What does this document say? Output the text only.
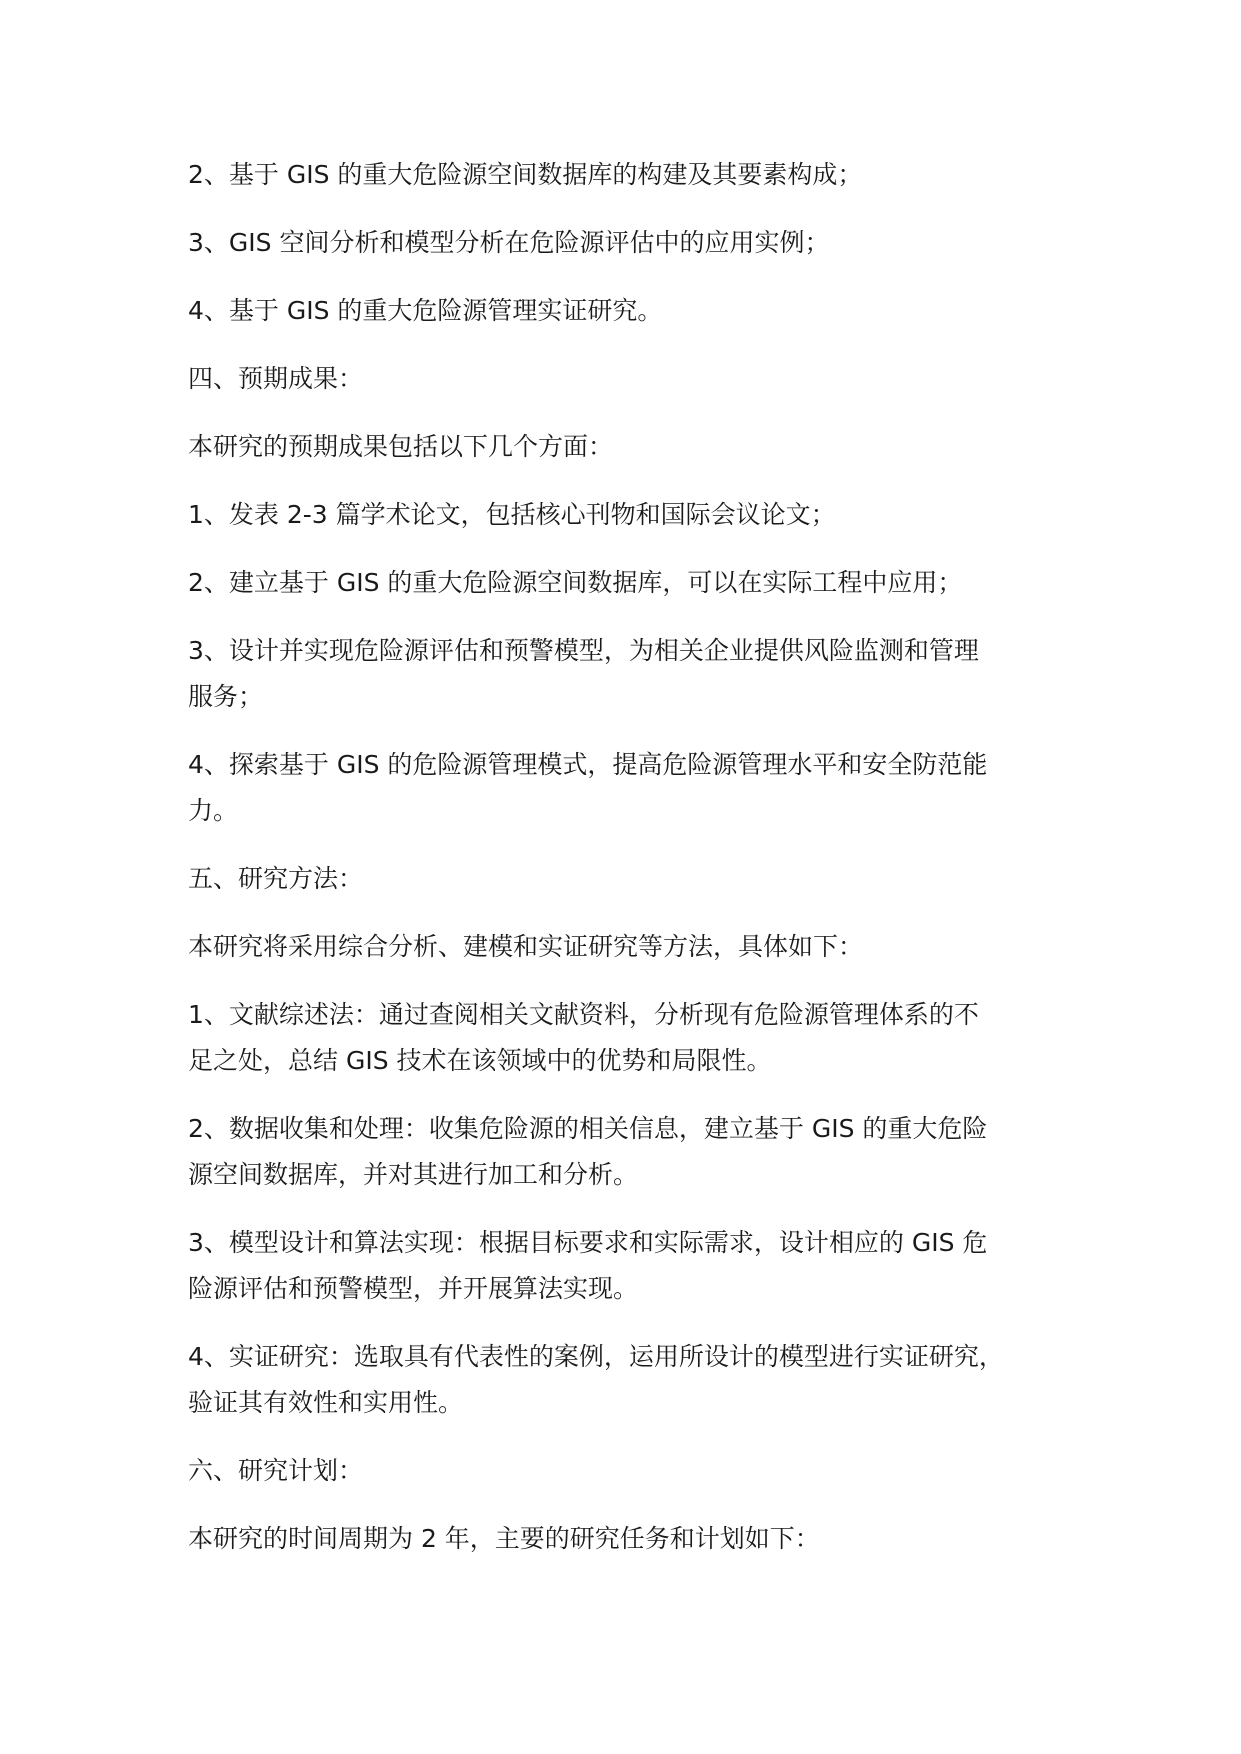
2、基于 GIS 的重大危险源空间数据库的构建及其要素构成；
3、GIS 空间分析和模型分析在危险源评估中的应用实例；
4、基于 GIS 的重大危险源管理实证研究。
四、预期成果：
本研究的预期成果包括以下几个方面：
1、发表 2-3 篇学术论文，包括核心刊物和国际会议论文；
2、建立基于 GIS 的重大危险源空间数据库，可以在实际工程中应用；
3、设计并实现危险源评估和预警模型，为相关企业提供风险监测和管理
服务；
4、探索基于 GIS 的危险源管理模式，提高危险源管理水平和安全防范能
力。
五、研究方法：
本研究将采用综合分析、建模和实证研究等方法，具体如下：
1、文献综述法：通过查阅相关文献资料，分析现有危险源管理体系的不
足之处，总结 GIS 技术在该领域中的优势和局限性。
2、数据收集和处理：收集危险源的相关信息，建立基于 GIS 的重大危险
源空间数据库，并对其进行加工和分析。
3、模型设计和算法实现：根据目标要求和实际需求，设计相应的 GIS 危
险源评估和预警模型，并开展算法实现。
4、实证研究：选取具有代表性的案例，运用所设计的模型进行实证研究，
验证其有效性和实用性。
六、研究计划：
本研究的时间周期为 2 年，主要的研究任务和计划如下：
